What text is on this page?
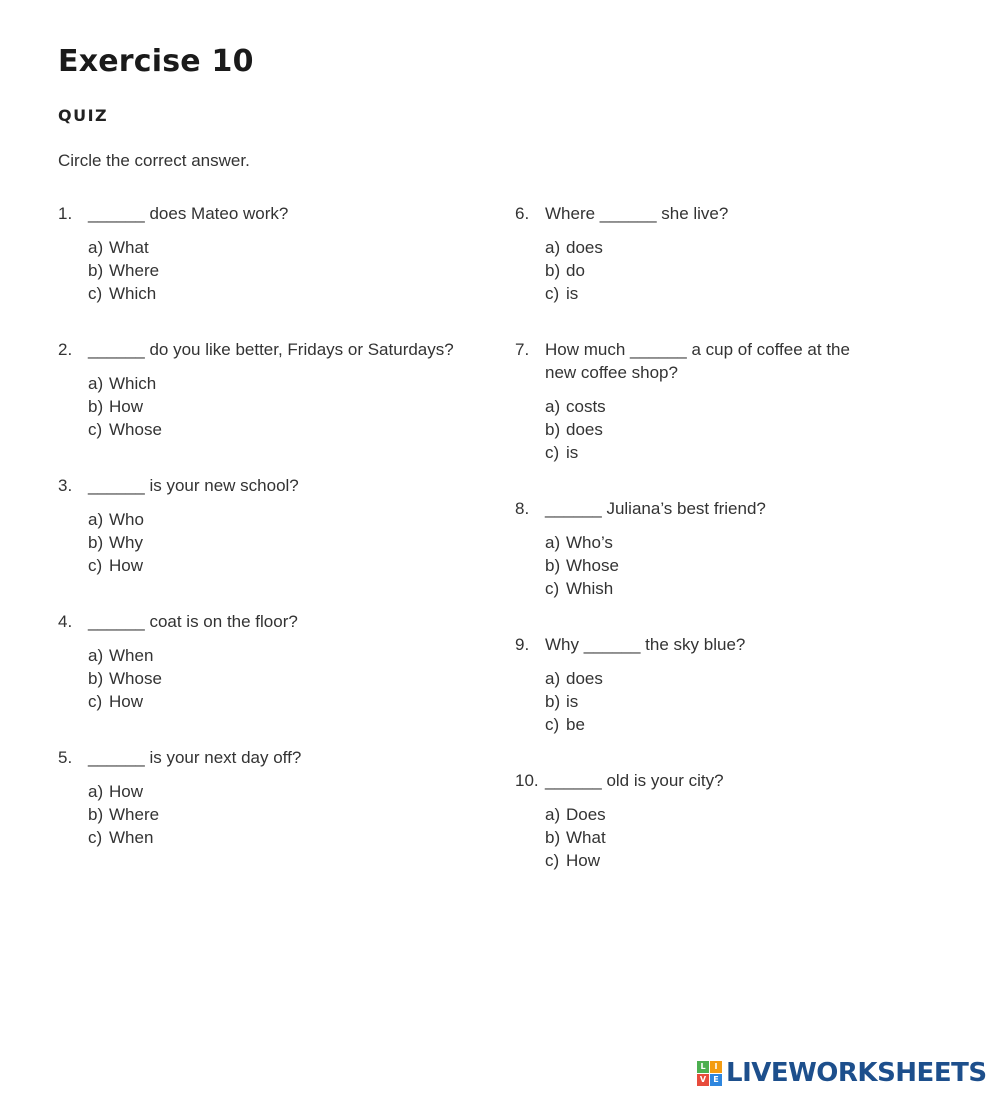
Exercise 10
QUIZ
Circle the correct answer.
1. ______ does Mateo work?
a) What
b) Where
c) Which
2. ______ do you like better, Fridays or Saturdays?
a) Which
b) How
c) Whose
3. ______ is your new school?
a) Who
b) Why
c) How
4. ______ coat is on the floor?
a) When
b) Whose
c) How
5. ______ is your next day off?
a) How
b) Where
c) When
6. Where ______ she live?
a) does
b) do
c) is
7. How much ______ a cup of coffee at the new coffee shop?
a) costs
b) does
c) is
8. ______ Juliana’s best friend?
a) Who’s
b) Whose
c) Whish
9. Why ______ the sky blue?
a) does
b) is
c) be
10. ______ old is your city?
a) Does
b) What
c) How
L	I
V E LIVEWORKSHEETS
